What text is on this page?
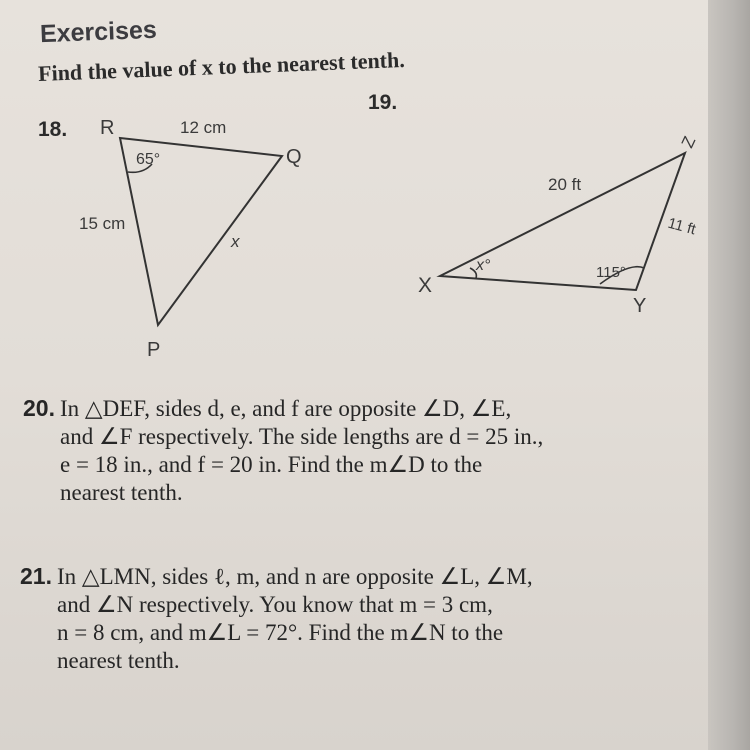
Exercises
Find the value of x to the nearest tenth.
18.
19.
R
Q
P
12 cm
15 cm
x
65°
X
Y
Z
20 ft
11 ft
x°	115°
20. In △DEF, sides d, e, and f are opposite ∠D, ∠E,
and ∠F respectively. The side lengths are d = 25 in.,
e = 18 in., and f = 20 in. Find the m∠D to the
nearest tenth.
21. In △LMN, sides ℓ, m, and n are opposite ∠L, ∠M,
and ∠N respectively. You know that m = 3 cm,
n = 8 cm, and m∠L = 72°. Find the m∠N to the
nearest tenth.
